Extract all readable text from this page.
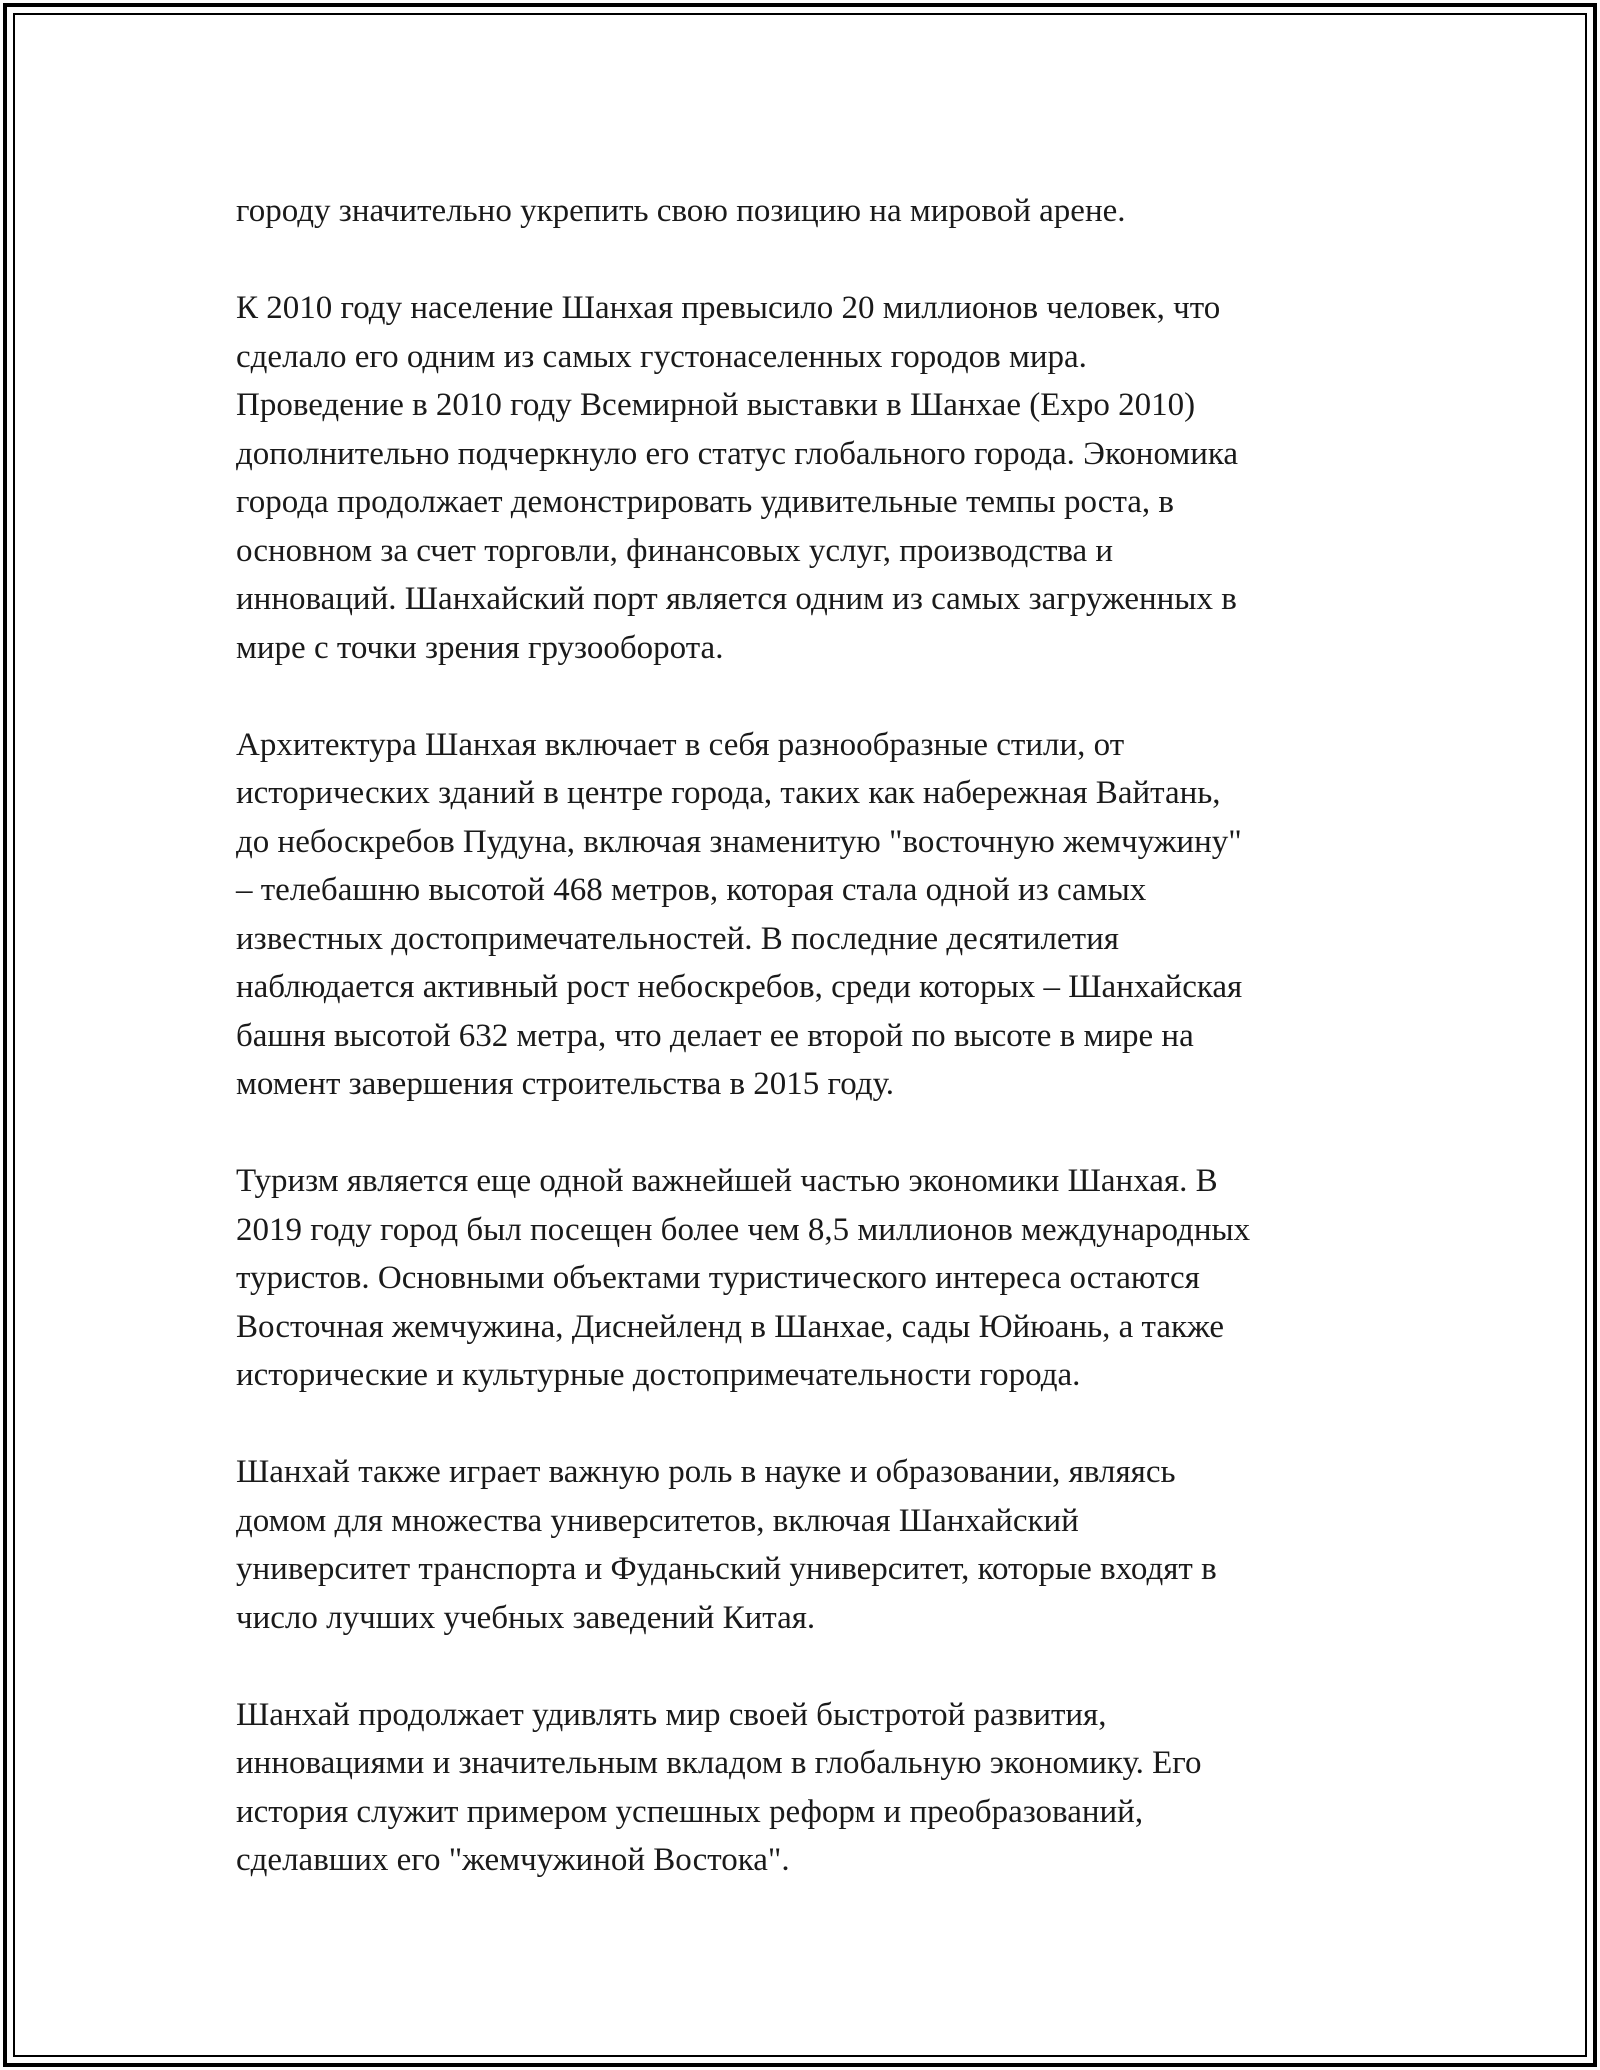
городу значительно укрепить свою позицию на мировой арене.

К 2010 году население Шанхая превысило 20 миллионов человек, что
сделало его одним из самых густонаселенных городов мира.
Проведение в 2010 году Всемирной выставки в Шанхае (Expo 2010)
дополнительно подчеркнуло его статус глобального города. Экономика
города продолжает демонстрировать удивительные темпы роста, в
основном за счет торговли, финансовых услуг, производства и
инноваций. Шанхайский порт является одним из самых загруженных в
мире с точки зрения грузооборота.

Архитектура Шанхая включает в себя разнообразные стили, от
исторических зданий в центре города, таких как набережная Вайтань,
до небоскребов Пудуна, включая знаменитую "восточную жемчужину"
– телебашню высотой 468 метров, которая стала одной из самых
известных достопримечательностей. В последние десятилетия
наблюдается активный рост небоскребов, среди которых – Шанхайская
башня высотой 632 метра, что делает ее второй по высоте в мире на
момент завершения строительства в 2015 году.

Туризм является еще одной важнейшей частью экономики Шанхая. В
2019 году город был посещен более чем 8,5 миллионов международных
туристов. Основными объектами туристического интереса остаются
Восточная жемчужина, Диснейленд в Шанхае, сады Юйюань, а также
исторические и культурные достопримечательности города.

Шанхай также играет важную роль в науке и образовании, являясь
домом для множества университетов, включая Шанхайский
университет транспорта и Фуданьский университет, которые входят в
число лучших учебных заведений Китая.

Шанхай продолжает удивлять мир своей быстротой развития,
инновациями и значительным вкладом в глобальную экономику. Его
история служит примером успешных реформ и преобразований,
сделавших его "жемчужиной Востока".
